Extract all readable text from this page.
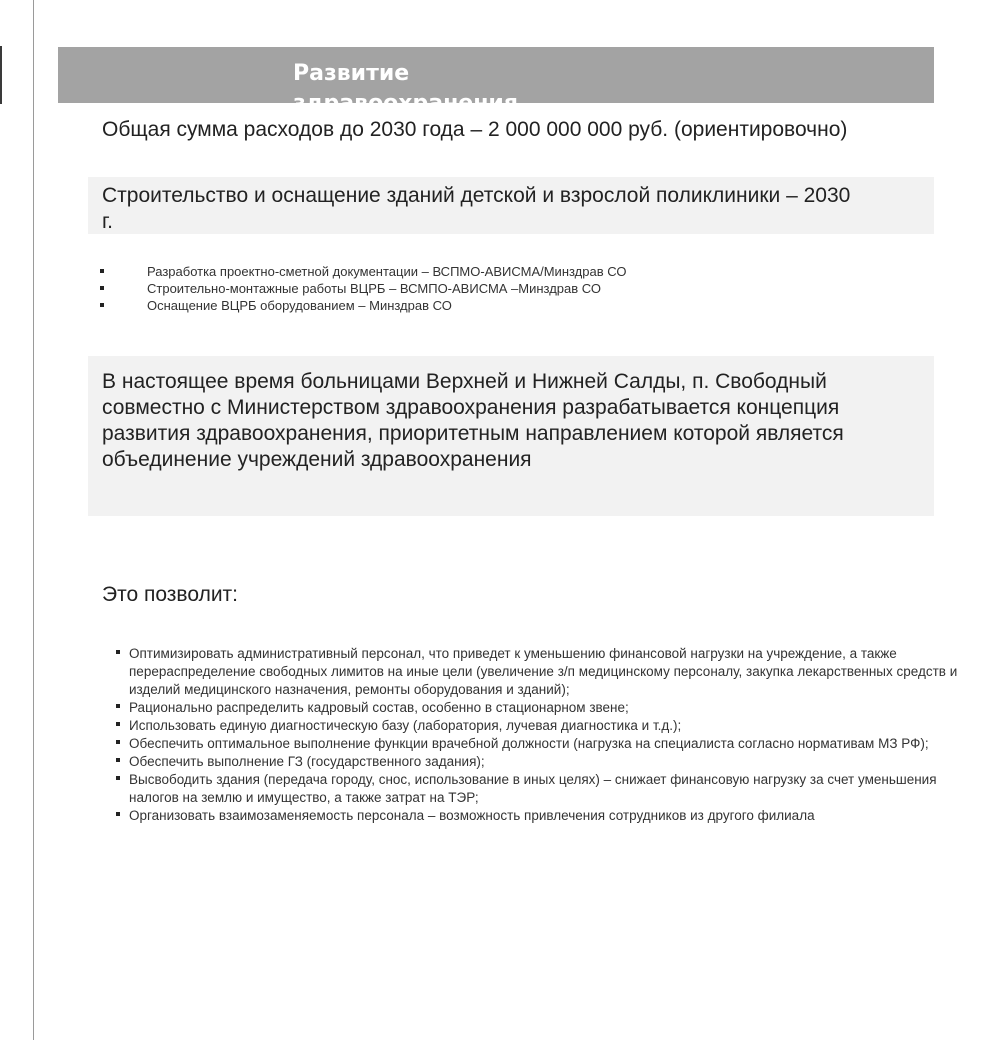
Развитие здравоохранения

Общая сумма расходов до 2030 года – 2 000 000 000 руб. (ориентировочно)

Строительство и оснащение зданий детской и взрослой поликлиники – 2030 г.

Разработка проектно-сметной документации – ВСПМО-АВИСМА/Минздрав СО
Строительно-монтажные работы ВЦРБ – ВСМПО-АВИСМА –Минздрав СО
Оснащение ВЦРБ оборудованием – Минздрав СО

В настоящее время больницами Верхней и Нижней Салды, п. Свободный совместно с Министерством здравоохранения разрабатывается концепция развития здравоохранения, приоритетным направлением которой является объединение учреждений здравоохранения

Это позволит:

Оптимизировать административный персонал, что приведет к уменьшению финансовой нагрузки на учреждение, а также перераспределение свободных лимитов на иные цели (увеличение з/п медицинскому персоналу, закупка лекарственных средств и изделий медицинского назначения, ремонты оборудования и зданий);
Рационально распределить кадровый состав, особенно в стационарном звене;
Использовать единую диагностическую базу (лаборатория, лучевая диагностика и т.д.);
Обеспечить оптимальное выполнение функции врачебной должности (нагрузка на специалиста согласно нормативам МЗ РФ);
Обеспечить выполнение ГЗ (государственного задания);
Высвободить здания (передача городу, снос, использование в иных целях) – снижает финансовую нагрузку за счет уменьшения налогов на землю и имущество, а также затрат на ТЭР;
Организовать взаимозаменяемость персонала – возможность привлечения сотрудников из другого филиала
